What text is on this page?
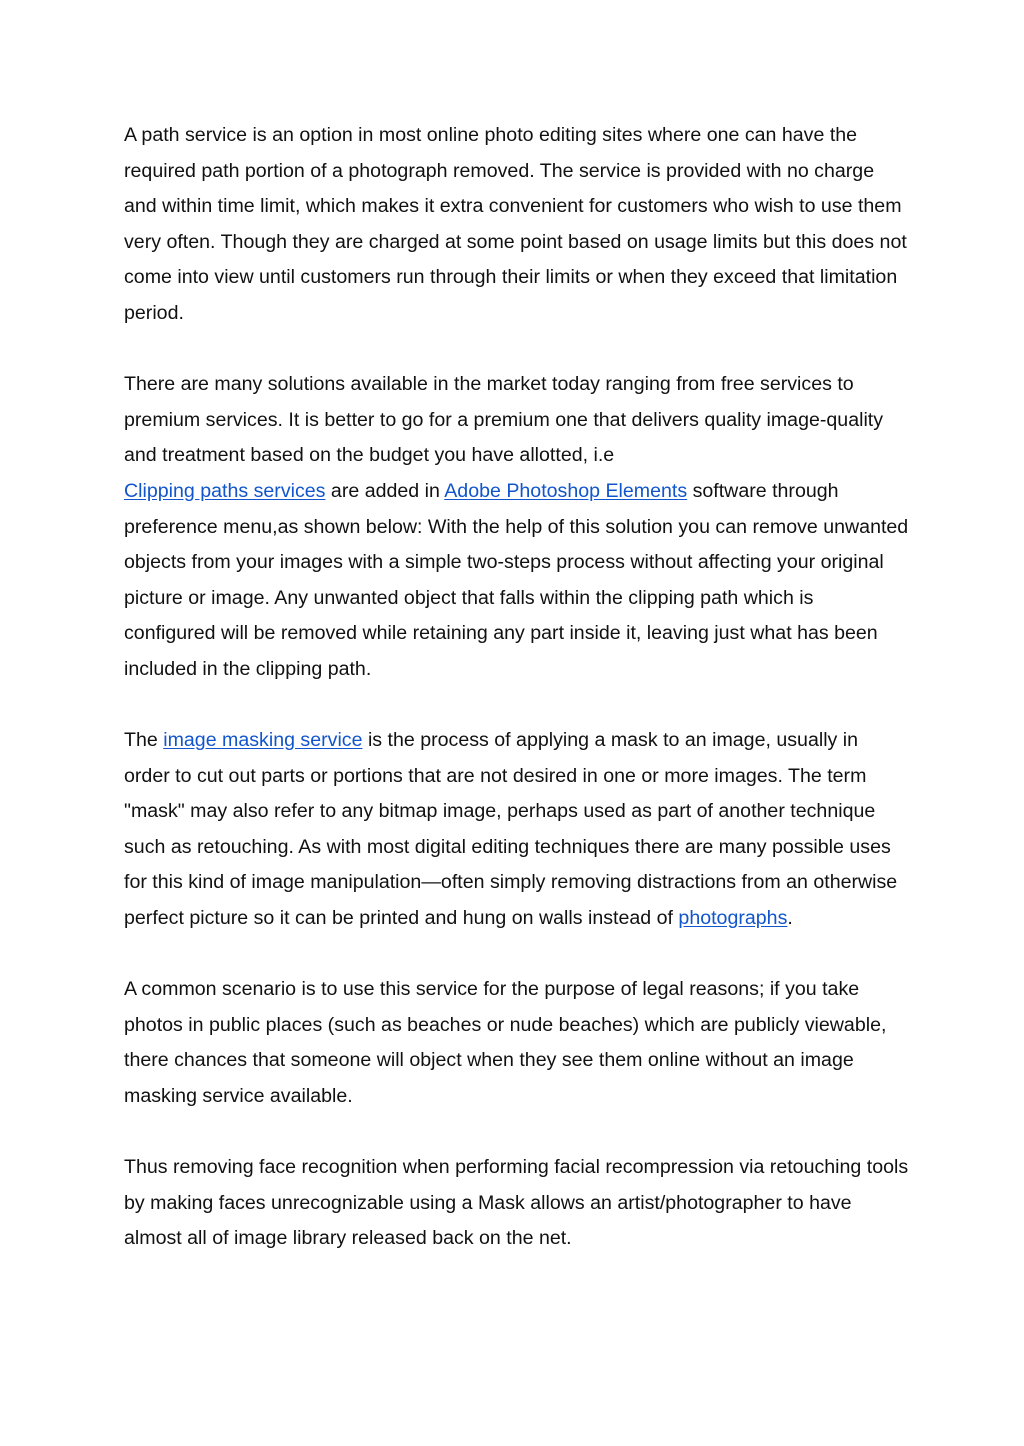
A path service is an option in most online photo editing sites where one can have the required path portion of a photograph removed. The service is provided with no charge and within time limit, which makes it extra convenient for customers who wish to use them very often. Though they are charged at some point based on usage limits but this does not come into view until customers run through their limits or when they exceed that limitation period.

There are many solutions available in the market today ranging from free services to premium services. It is better to go for a premium one that delivers quality image-quality and treatment based on the budget you have allotted, i.e
Clipping paths services are added in Adobe Photoshop Elements software through preference menu,as shown below: With the help of this solution you can remove unwanted objects from your images with a simple two-steps process without affecting your original picture or image. Any unwanted object that falls within the clipping path which is configured will be removed while retaining any part inside it, leaving just what has been included in the clipping path.

The image masking service is the process of applying a mask to an image, usually in order to cut out parts or portions that are not desired in one or more images. The term "mask" may also refer to any bitmap image, perhaps used as part of another technique such as retouching. As with most digital editing techniques there are many possible uses for this kind of image manipulation—often simply removing distractions from an otherwise perfect picture so it can be printed and hung on walls instead of photographs.

A common scenario is to use this service for the purpose of legal reasons; if you take photos in public places (such as beaches or nude beaches) which are publicly viewable, there chances that someone will object when they see them online without an image masking service available.

Thus removing face recognition when performing facial recompression via retouching tools by making faces unrecognizable using a Mask allows an artist/photographer to have almost all of image library released back on the net.
